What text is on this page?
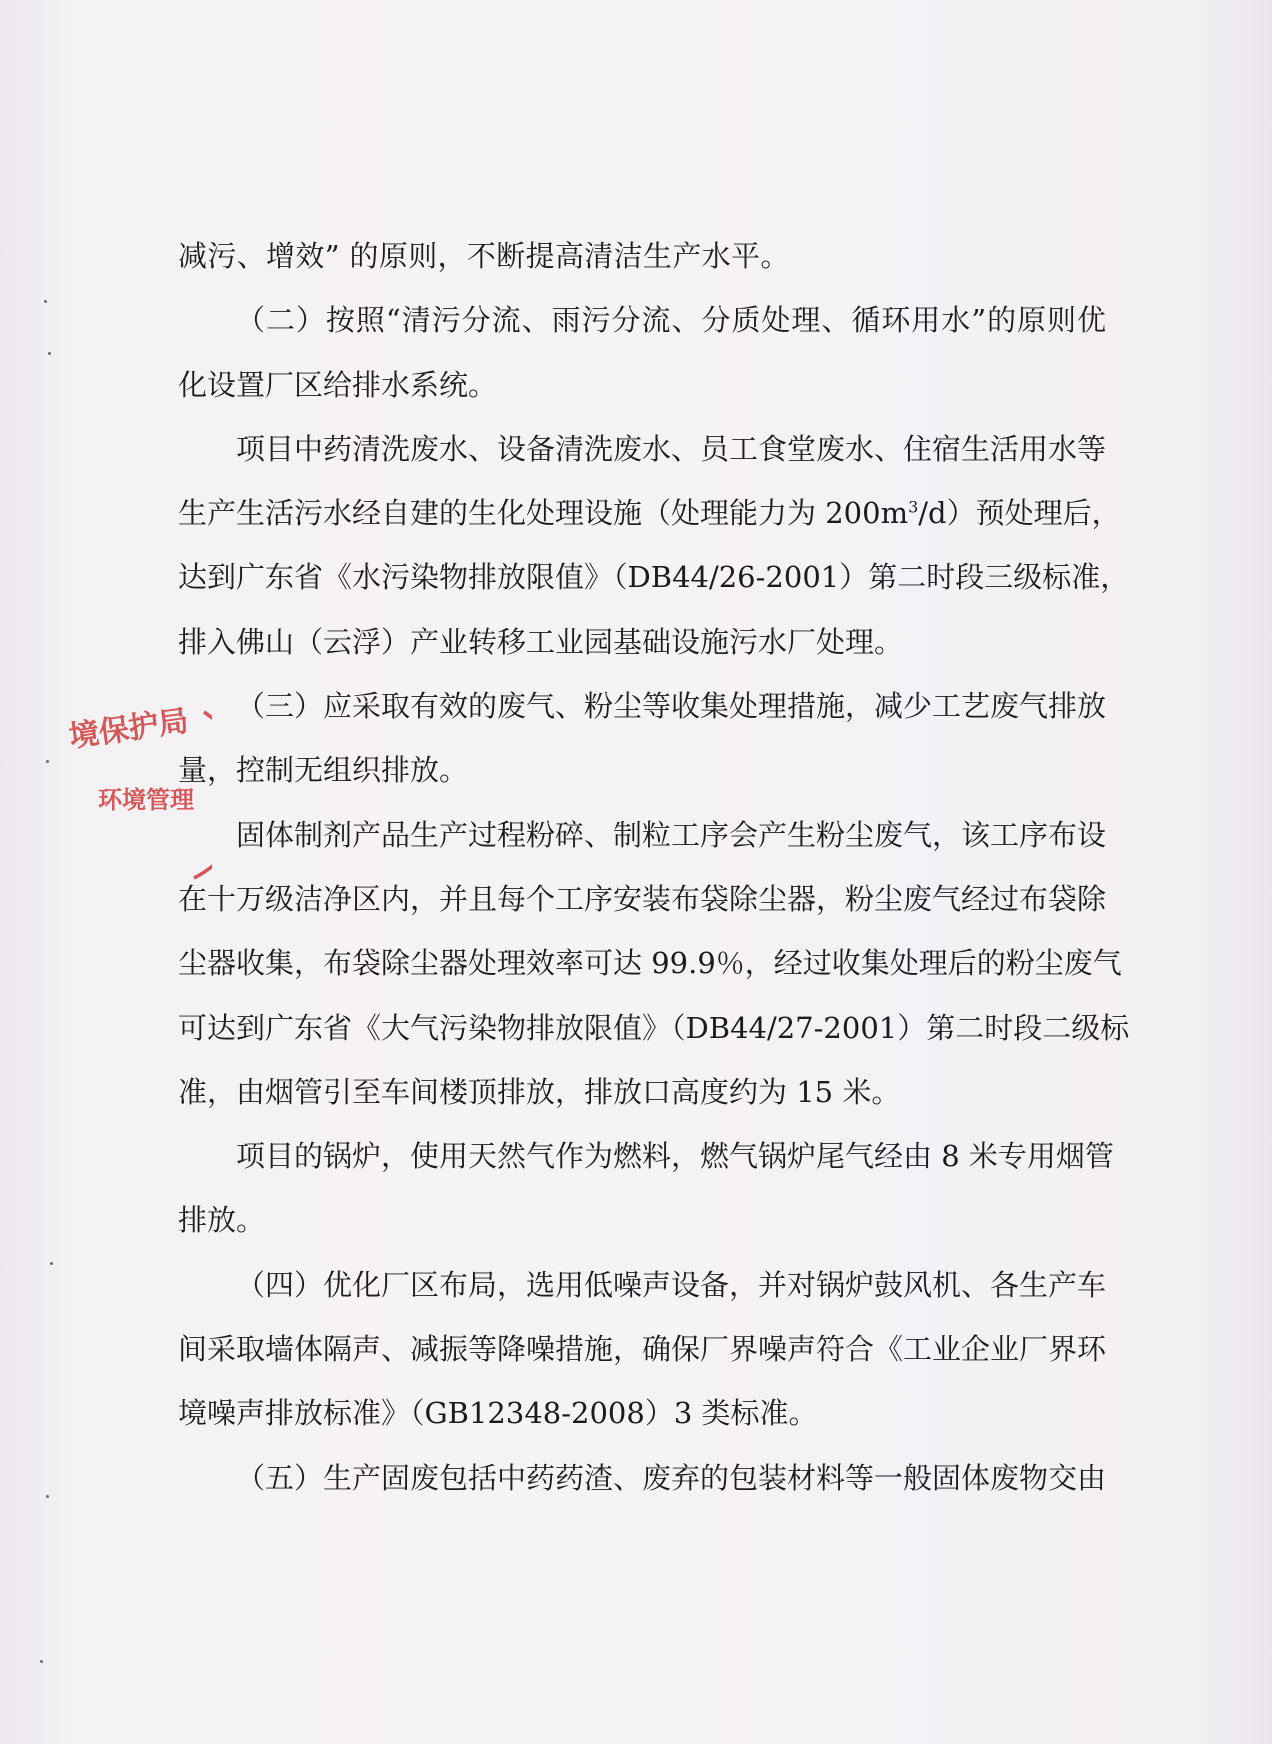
减污、增效” 的原则，不断提高清洁生产水平。
（二）按照“清污分流、雨污分流、分质处理、循环用水”的原则优
化设置厂区给排水系统。
项目中药清洗废水、设备清洗废水、员工食堂废水、住宿生活用水等
生产生活污水经自建的生化处理设施（处理能力为 $200m^3/d$）预处理后，
达到广东省《水污染物排放限值》（DB44/26-2001）第二时段三级标准，
排入佛山（云浮）产业转移工业园基础设施污水厂处理。
（三）应采取有效的废气、粉尘等收集处理措施，减少工艺废气排放
量，控制无组织排放。
固体制剂产品生产过程粉碎、制粒工序会产生粉尘废气，该工序布设
在十万级洁净区内，并且每个工序安装布袋除尘器，粉尘废气经过布袋除
尘器收集，布袋除尘器处理效率可达 99.9％，经过收集处理后的粉尘废气
可达到广东省《大气污染物排放限值》（DB44/27-2001）第二时段二级标
准，由烟管引至车间楼顶排放，排放口高度约为 15 米。
项目的锅炉，使用天然气作为燃料，燃气锅炉尾气经由 8 米专用烟管
排放。
（四）优化厂区布局，选用低噪声设备，并对锅炉鼓风机、各生产车
间采取墙体隔声、减振等降噪措施，确保厂界噪声符合《工业企业厂界环
境噪声排放标准》（GB12348-2008）3 类标准。
（五）生产固废包括中药药渣、废弃的包装材料等一般固体废物交由
境保护局
环境管理
